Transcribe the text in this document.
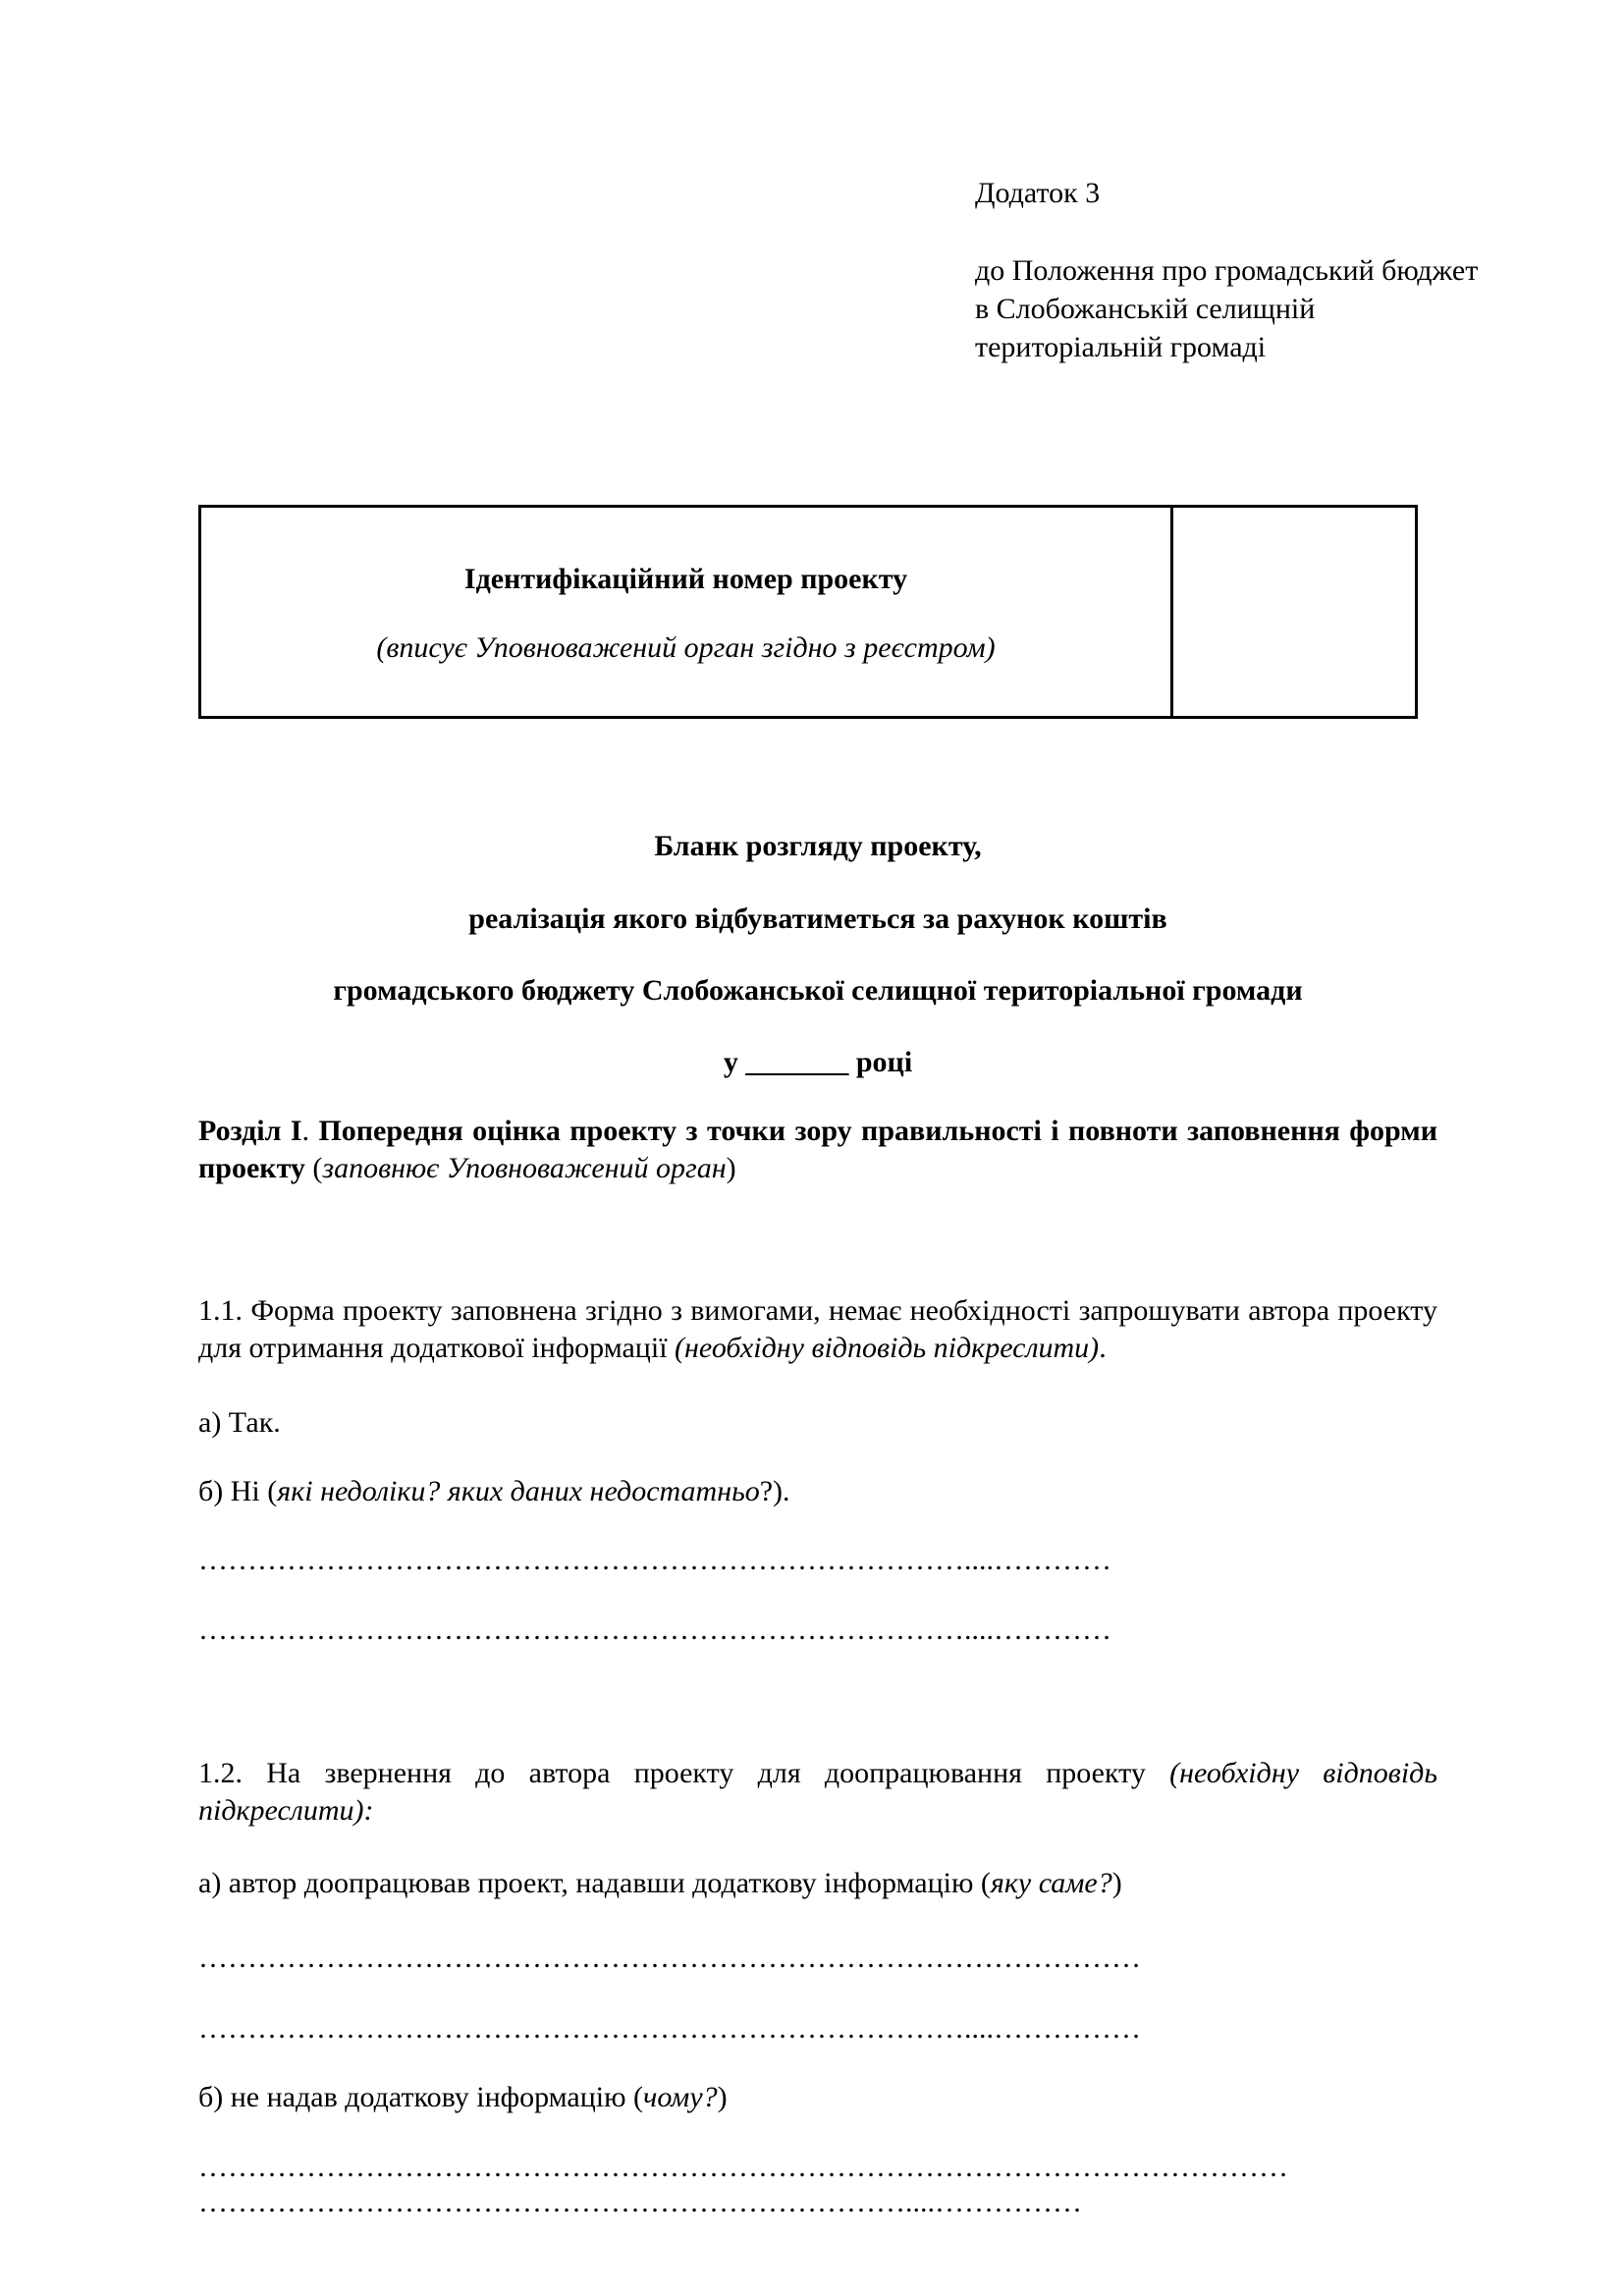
Додаток 3
до Положення про громадський бюджет в Слобожанській селищній територіальній громаді
Ідентифікаційний номер проекту
(вписує Уповноважений орган згідно з реєстром)
Бланк розгляду проекту,
реалізація якого відбуватиметься за рахунок коштів
громадського бюджету Слобожанської селищної територіальної громади
у _______ році
Розділ І. Попередня оцінка проекту з точки зору правильності і повноти заповнення форми проекту (заповнює Уповноважений орган)
1.1. Форма проекту заповнена згідно з вимогами, немає необхідності запрошувати автора проекту для отримання додаткової інформації (необхідну відповідь підкреслити).
а) Так.
б) Ні (які недоліки? яких даних недостатньо?).
……………………………………………………………………....…………
……………………………………………………………………....…………
1.2. На звернення до автора проекту для доопрацювання проекту (необхідну відповідь підкреслити):
а) автор доопрацював проект, надавши додаткову інформацію (яку саме?)
……………………………………………………………………………………
……………………………………………………………………....……………
б) не надав додаткову інформацію (чому?)
…………………………………………………………………………………………………
………………………………………………………………....……………
